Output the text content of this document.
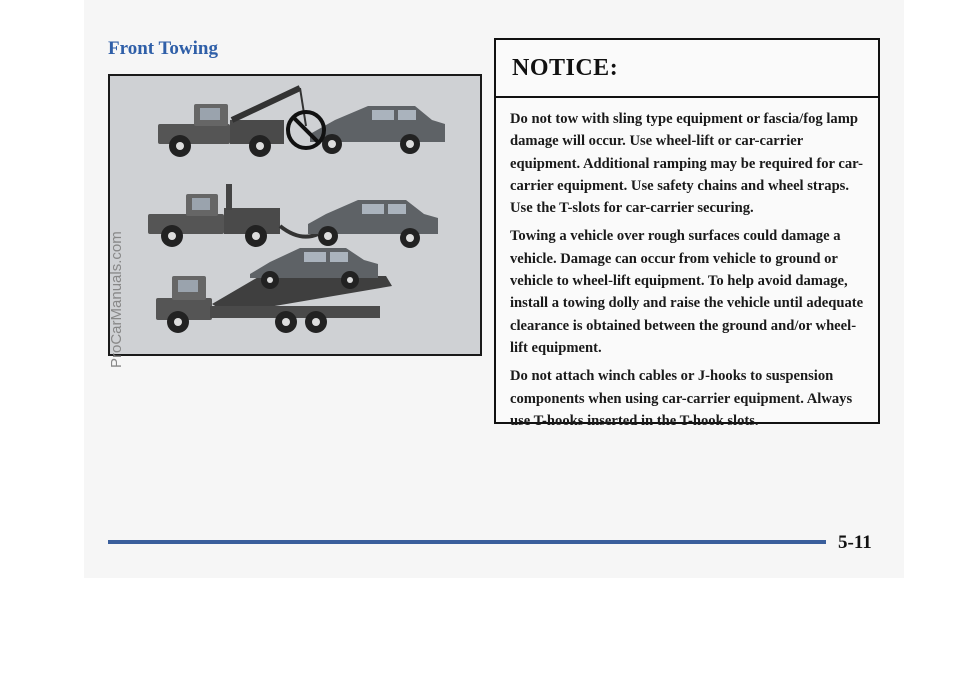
Front Towing
NOTICE:

Do not tow with sling type equipment or fascia/fog lamp damage will occur. Use wheel-lift or car-carrier equipment. Additional ramping may be required for car-carrier equipment. Use safety chains and wheel straps. Use the T-slots for car-carrier securing.

Towing a vehicle over rough surfaces could damage a vehicle. Damage can occur from vehicle to ground or vehicle to wheel-lift equipment. To help avoid damage, install a towing dolly and raise the vehicle until adequate clearance is obtained between the ground and/or wheel-lift equipment.

Do not attach winch cables or J-hooks to suspension components when using car-carrier equipment. Always use T-hooks inserted in the T-hook slots.

5-11
ProCarManuals.com
